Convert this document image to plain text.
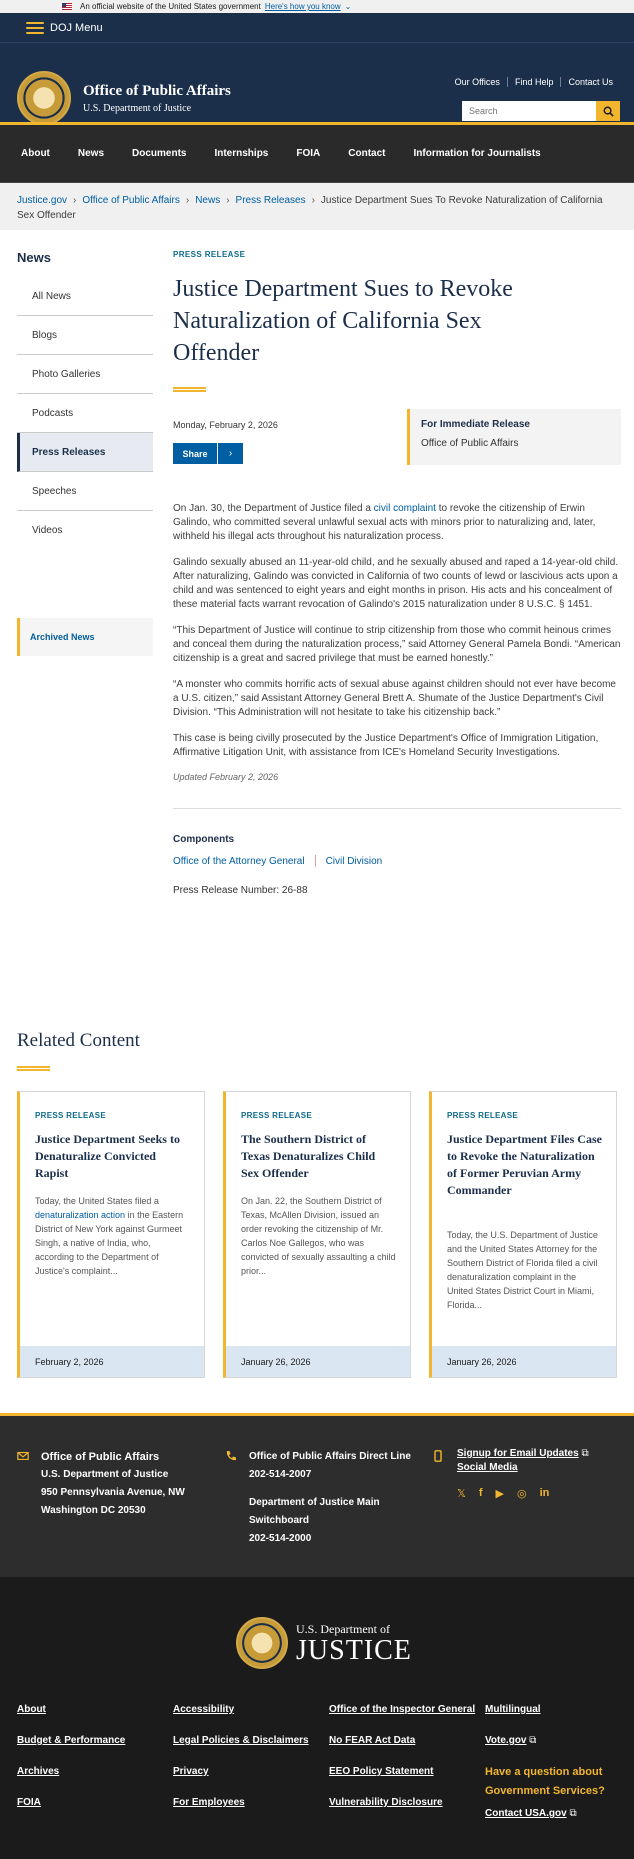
An official website of the United States government Here's how you know ⌄
DOJ Menu
Office of Public Affairs
U.S. Department of Justice
Our Offices	Find Help	Contact Us
Search
About	News	Documents	Internships	FOIA	Contact	Information for Journalists
Justice.gov › Office of Public Affairs › News › Press Releases › Justice Department Sues To Revoke Naturalization of California Sex Offender
News
All News
Blogs
Photo Galleries
Podcasts
Press Releases
Speeches
Videos
Archived News
PRESS RELEASE
Justice Department Sues to Revoke Naturalization of California Sex Offender
Monday, February 2, 2026
Share	›
For Immediate Release
Office of Public Affairs

On Jan. 30, the Department of Justice filed a civil complaint to revoke the citizenship of Erwin Galindo, who committed several unlawful sexual acts with minors prior to naturalizing and, later, withheld his illegal acts throughout his naturalization process.

Galindo sexually abused an 11-year-old child, and he sexually abused and raped a 14-year-old child. After naturalizing, Galindo was convicted in California of two counts of lewd or lascivious acts upon a child and was sentenced to eight years and eight months in prison. His acts and his concealment of these material facts warrant revocation of Galindo's 2015 naturalization under 8 U.S.C. § 1451.

“This Department of Justice will continue to strip citizenship from those who commit heinous crimes and conceal them during the naturalization process,” said Attorney General Pamela Bondi. “American citizenship is a great and sacred privilege that must be earned honestly.”

“A monster who commits horrific acts of sexual abuse against children should not ever have become a U.S. citizen,” said Assistant Attorney General Brett A. Shumate of the Justice Department's Civil Division. “This Administration will not hesitate to take his citizenship back.”

This case is being civilly prosecuted by the Justice Department's Office of Immigration Litigation, Affirmative Litigation Unit, with assistance from ICE's Homeland Security Investigations.

Updated February 2, 2026
Components
Office of the Attorney General Civil Division
Press Release Number: 26-88
Related Content
PRESS RELEASE
Justice Department Seeks to Denaturalize Convicted Rapist
Today, the United States filed a denaturalization action in the Eastern District of New York against Gurmeet Singh, a native of India, who, according to the Department of Justice's complaint...
February 2, 2026
PRESS RELEASE
The Southern District of Texas Denaturalizes Child Sex Offender
On Jan. 22, the Southern District of Texas, McAllen Division, issued an order revoking the citizenship of Mr. Carlos Noe Gallegos, who was convicted of sexually assaulting a child prior...
January 26, 2026
PRESS RELEASE
Justice Department Files Case to Revoke the Naturalization of Former Peruvian Army Commander
Today, the U.S. Department of Justice and the United States Attorney for the Southern District of Florida filed a civil denaturalization complaint in the United States District Court in Miami, Florida...
January 26, 2026
Office of Public Affairs
U.S. Department of Justice
950 Pennsylvania Avenue, NW
Washington DC 20530
Office of Public Affairs Direct Line
202-514-2007
Department of Justice Main Switchboard
202-514-2000
Signup for Email Updates ⧉
Social Media
𝕏 f ▶ ◎ in
U.S. Department of
JUSTICE
About
Budget & Performance
Archives
FOIA
Accessibility
Legal Policies & Disclaimers
Privacy
For Employees
Office of the Inspector General
No FEAR Act Data
EEO Policy Statement
Vulnerability Disclosure
Multilingual
Vote.gov ⧉
Have a question about Government Services?
Contact USA.gov ⧉
